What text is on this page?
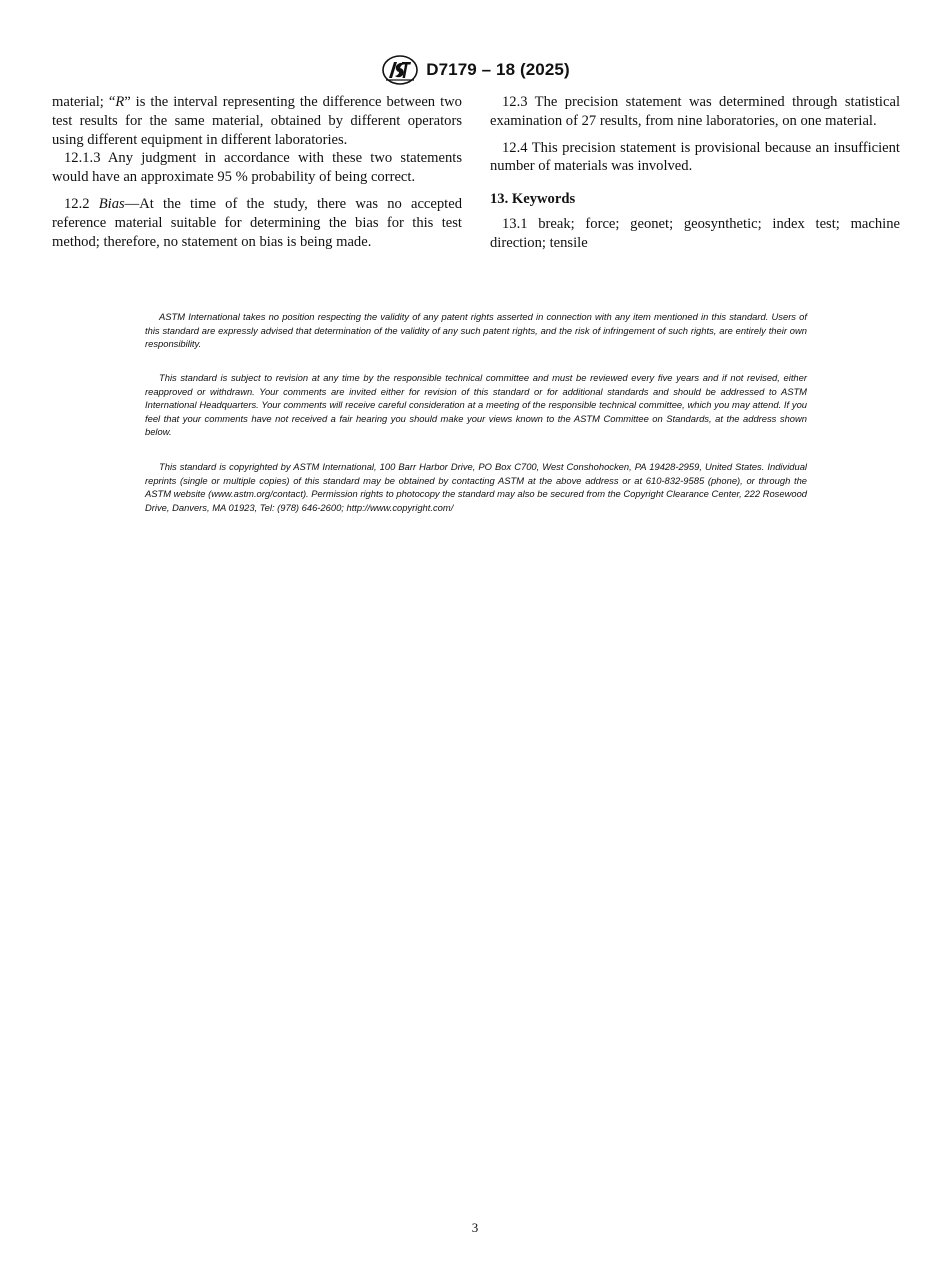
D7179 – 18 (2025)

material; “R” is the interval representing the difference between two test results for the same material, obtained by different operators using different equipment in different laboratories.

12.1.3 Any judgment in accordance with these two statements would have an approximate 95 % probability of being correct.

12.2 Bias—At the time of the study, there was no accepted reference material suitable for determining the bias for this test method; therefore, no statement on bias is being made.

12.3 The precision statement was determined through statistical examination of 27 results, from nine laboratories, on one material.

12.4 This precision statement is provisional because an insufficient number of materials was involved.

13. Keywords

13.1 break; force; geonet; geosynthetic; index test; machine direction; tensile

ASTM International takes no position respecting the validity of any patent rights asserted in connection with any item mentioned in this standard. Users of this standard are expressly advised that determination of the validity of any such patent rights, and the risk of infringement of such rights, are entirely their own responsibility.

This standard is subject to revision at any time by the responsible technical committee and must be reviewed every five years and if not revised, either reapproved or withdrawn. Your comments are invited either for revision of this standard or for additional standards and should be addressed to ASTM International Headquarters. Your comments will receive careful consideration at a meeting of the responsible technical committee, which you may attend. If you feel that your comments have not received a fair hearing you should make your views known to the ASTM Committee on Standards, at the address shown below.

This standard is copyrighted by ASTM International, 100 Barr Harbor Drive, PO Box C700, West Conshohocken, PA 19428-2959, United States. Individual reprints (single or multiple copies) of this standard may be obtained by contacting ASTM at the above address or at 610-832-9585 (phone), or through the ASTM website (www.astm.org/contact). Permission rights to photocopy the standard may also be secured from the Copyright Clearance Center, 222 Rosewood Drive, Danvers, MA 01923, Tel: (978) 646-2600; http://www.copyright.com/

3
